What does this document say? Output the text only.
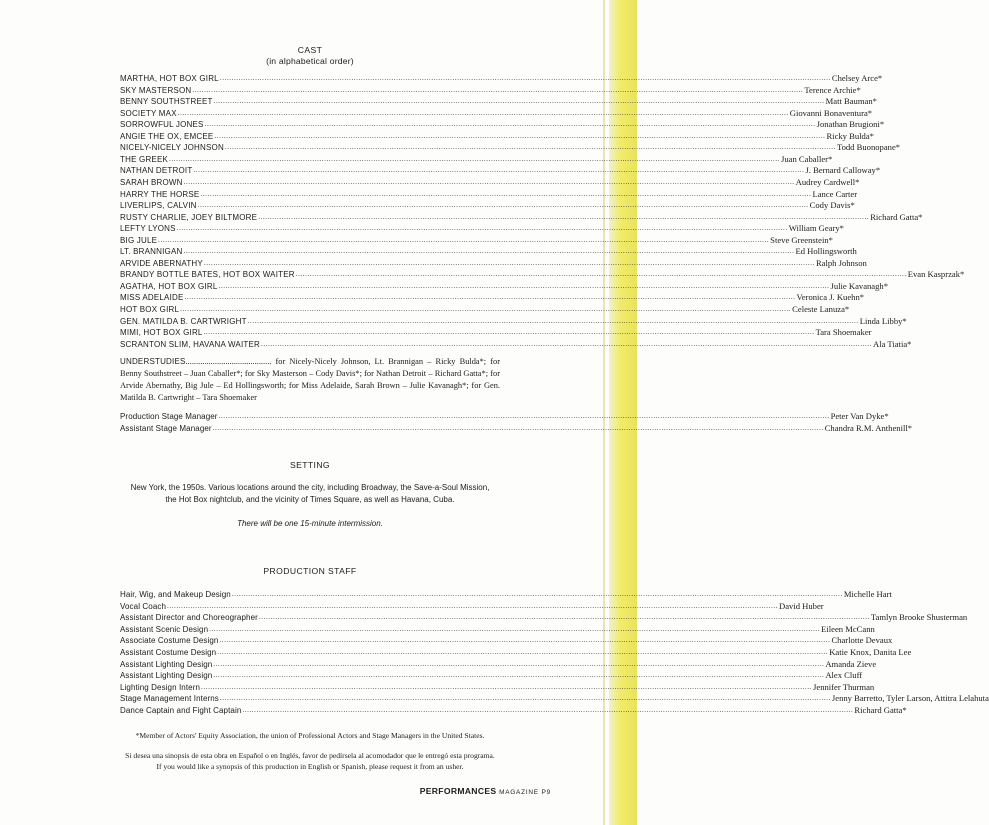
CAST
(in alphabetical order)
MARTHA, HOT BOX GIRL .................................................................................................................................................................................................................................................................... Chelsey Arce*
SKY MASTERSON .................................................................................................................................................................................................................................................................... Terence Archie*
BENNY SOUTHSTREET .................................................................................................................................................................................................................................................................... Matt Bauman*
SOCIETY MAX .................................................................................................................................................................................................................................................................... Giovanni Bonaventura*
SORROWFUL JONES .................................................................................................................................................................................................................................................................... Jonathan Brugioni*
ANGIE THE OX, EMCEE .................................................................................................................................................................................................................................................................... Ricky Bulda*
NICELY-NICELY JOHNSON .................................................................................................................................................................................................................................................................... Todd Buonopane*
THE GREEK .................................................................................................................................................................................................................................................................... Juan Caballer*
NATHAN DETROIT .................................................................................................................................................................................................................................................................... J. Bernard Calloway*
SARAH BROWN .................................................................................................................................................................................................................................................................... Audrey Cardwell*
HARRY THE HORSE .................................................................................................................................................................................................................................................................... Lance Carter
LIVERLIPS, CALVIN .................................................................................................................................................................................................................................................................... Cody Davis*
RUSTY CHARLIE, JOEY BILTMORE .................................................................................................................................................................................................................................................................... Richard Gatta*
LEFTY LYONS .................................................................................................................................................................................................................................................................... William Geary*
BIG JULE .................................................................................................................................................................................................................................................................... Steve Greenstein*
LT. BRANNIGAN .................................................................................................................................................................................................................................................................... Ed Hollingsworth
ARVIDE ABERNATHY .................................................................................................................................................................................................................................................................... Ralph Johnson
BRANDY BOTTLE BATES, HOT BOX WAITER .................................................................................................................................................................................................................................................................... Evan Kasprzak*
AGATHA, HOT BOX GIRL .................................................................................................................................................................................................................................................................... Julie Kavanagh*
MISS ADELAIDE .................................................................................................................................................................................................................................................................... Veronica J. Kuehn*
HOT BOX GIRL .................................................................................................................................................................................................................................................................... Celeste Lanuza*
GEN. MATILDA B. CARTWRIGHT .................................................................................................................................................................................................................................................................... Linda Libby*
MIMI, HOT BOX GIRL .................................................................................................................................................................................................................................................................... Tara Shoemaker
SCRANTON SLIM, HAVANA WAITER .................................................................................................................................................................................................................................................................... Ala Tiatia*
UNDERSTUDIES......................................... for Nicely-Nicely Johnson, Lt. Brannigan – Ricky Bulda*; for Benny Southstreet – Juan Caballer*; for Sky Masterson – Cody Davis*; for Nathan Detroit – Richard Gatta*; for Arvide Abernathy, Big Jule – Ed Hollingsworth; for Miss Adelaide, Sarah Brown – Julie Kavanagh*; for Gen. Matilda B. Cartwright – Tara Shoemaker
Production Stage Manager .................................................................................................................................................................................................................................................................... Peter Van Dyke*
Assistant Stage Manager .................................................................................................................................................................................................................................................................... Chandra R.M. Anthenill*
SETTING
New York, the 1950s. Various locations around the city, including Broadway, the Save-a-Soul Mission, the Hot Box nightclub, and the vicinity of Times Square, as well as Havana, Cuba.
There will be one 15-minute intermission.
PRODUCTION STAFF
Hair, Wig, and Makeup Design .................................................................................................................................................................................................................................................................... Michelle Hart
Vocal Coach .................................................................................................................................................................................................................................................................... David Huber
Assistant Director and Choreographer .................................................................................................................................................................................................................................................................... Tamlyn Brooke Shusterman
Assistant Scenic Design .................................................................................................................................................................................................................................................................... Eileen McCann
Associate Costume Design .................................................................................................................................................................................................................................................................... Charlotte Devaux
Assistant Costume Design .................................................................................................................................................................................................................................................................... Katie Knox, Danita Lee
Assistant Lighting Design .................................................................................................................................................................................................................................................................... Amanda Zieve
Assistant Lighting Design .................................................................................................................................................................................................................................................................... Alex Cluff
Lighting Design Intern .................................................................................................................................................................................................................................................................... Jennifer Thurman
Stage Management Interns .................................................................................................................................................................................................................................................................... Jenny Barretto, Tyler Larson, Attitra Lelahuta
Dance Captain and Fight Captain .................................................................................................................................................................................................................................................................... Richard Gatta*
*Member of Actors' Equity Association, the union of Professional Actors and Stage Managers in the United States.
Si desea una sinopsis de esta obra en Español o en Inglés, favor de pedírsela al acomodador que le entregó esta programa.
If you would like a synopsis of this production in English or Spanish, please request it from an usher.
PERFORMANCES MAGAZINE P9
